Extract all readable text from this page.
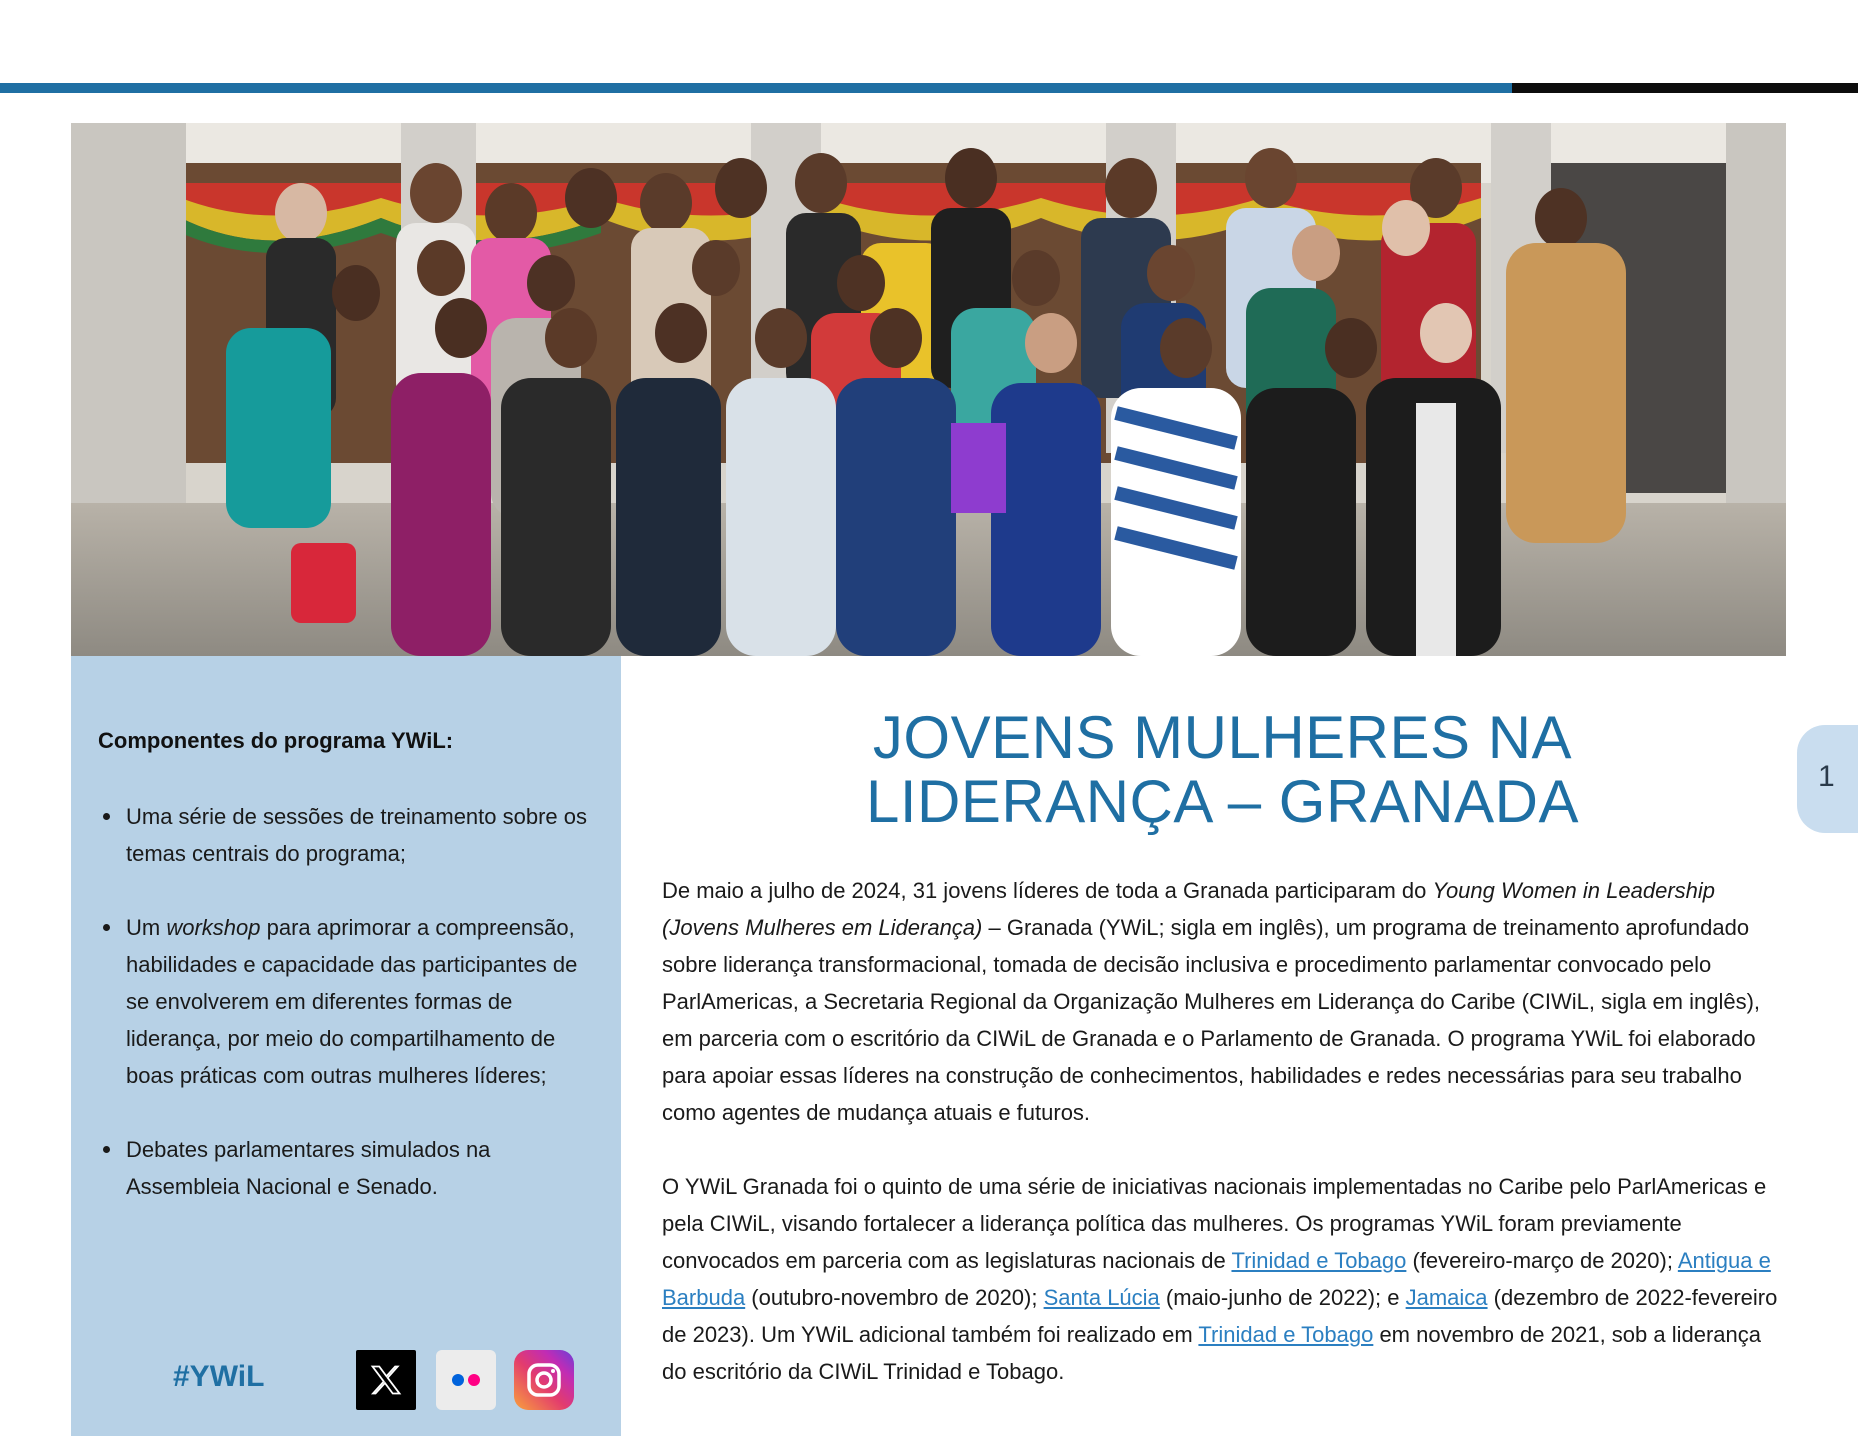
Componentes do programa YWiL:
Uma série de sessões de treinamento sobre os temas centrais do programa;
Um workshop para aprimorar a compreensão, habilidades e capacidade das participantes de se envolverem em diferentes formas de liderança, por meio do compartilhamento de boas práticas com outras mulheres líderes;
Debates parlamentares simulados na Assembleia Nacional e Senado.
#YWiL
JOVENS MULHERES NA
LIDERANÇA – GRANADA

De maio a julho de 2024, 31 jovens líderes de toda a Granada participaram do Young Women in Leadership (Jovens Mulheres em Liderança) – Granada (YWiL; sigla em inglês), um programa de treinamento aprofundado sobre liderança transformacional, tomada de decisão inclusiva e procedimento parlamentar convocado pelo ParlAmericas, a Secretaria Regional da Organização Mulheres em Liderança do Caribe (CIWiL, sigla em inglês), em parceria com o escritório da CIWiL de Granada e o Parlamento de Granada. O programa YWiL foi elaborado para apoiar essas líderes na construção de conhecimentos, habilidades e redes necessárias para seu trabalho como agentes de mudança atuais e futuros.

O YWiL Granada foi o quinto de uma série de iniciativas nacionais implementadas no Caribe pelo ParlAmericas e pela CIWiL, visando fortalecer a liderança política das mulheres. Os programas YWiL foram previamente convocados em parceria com as legislaturas nacionais de Trinidad e Tobago (fevereiro-março de 2020); Antigua e Barbuda (outubro-novembro de 2020); Santa Lúcia (maio-junho de 2022); e Jamaica (dezembro de 2022-fevereiro de 2023). Um YWiL adicional também foi realizado em Trinidad e Tobago em novembro de 2021, sob a liderança do escritório da CIWiL Trinidad e Tobago.

1
